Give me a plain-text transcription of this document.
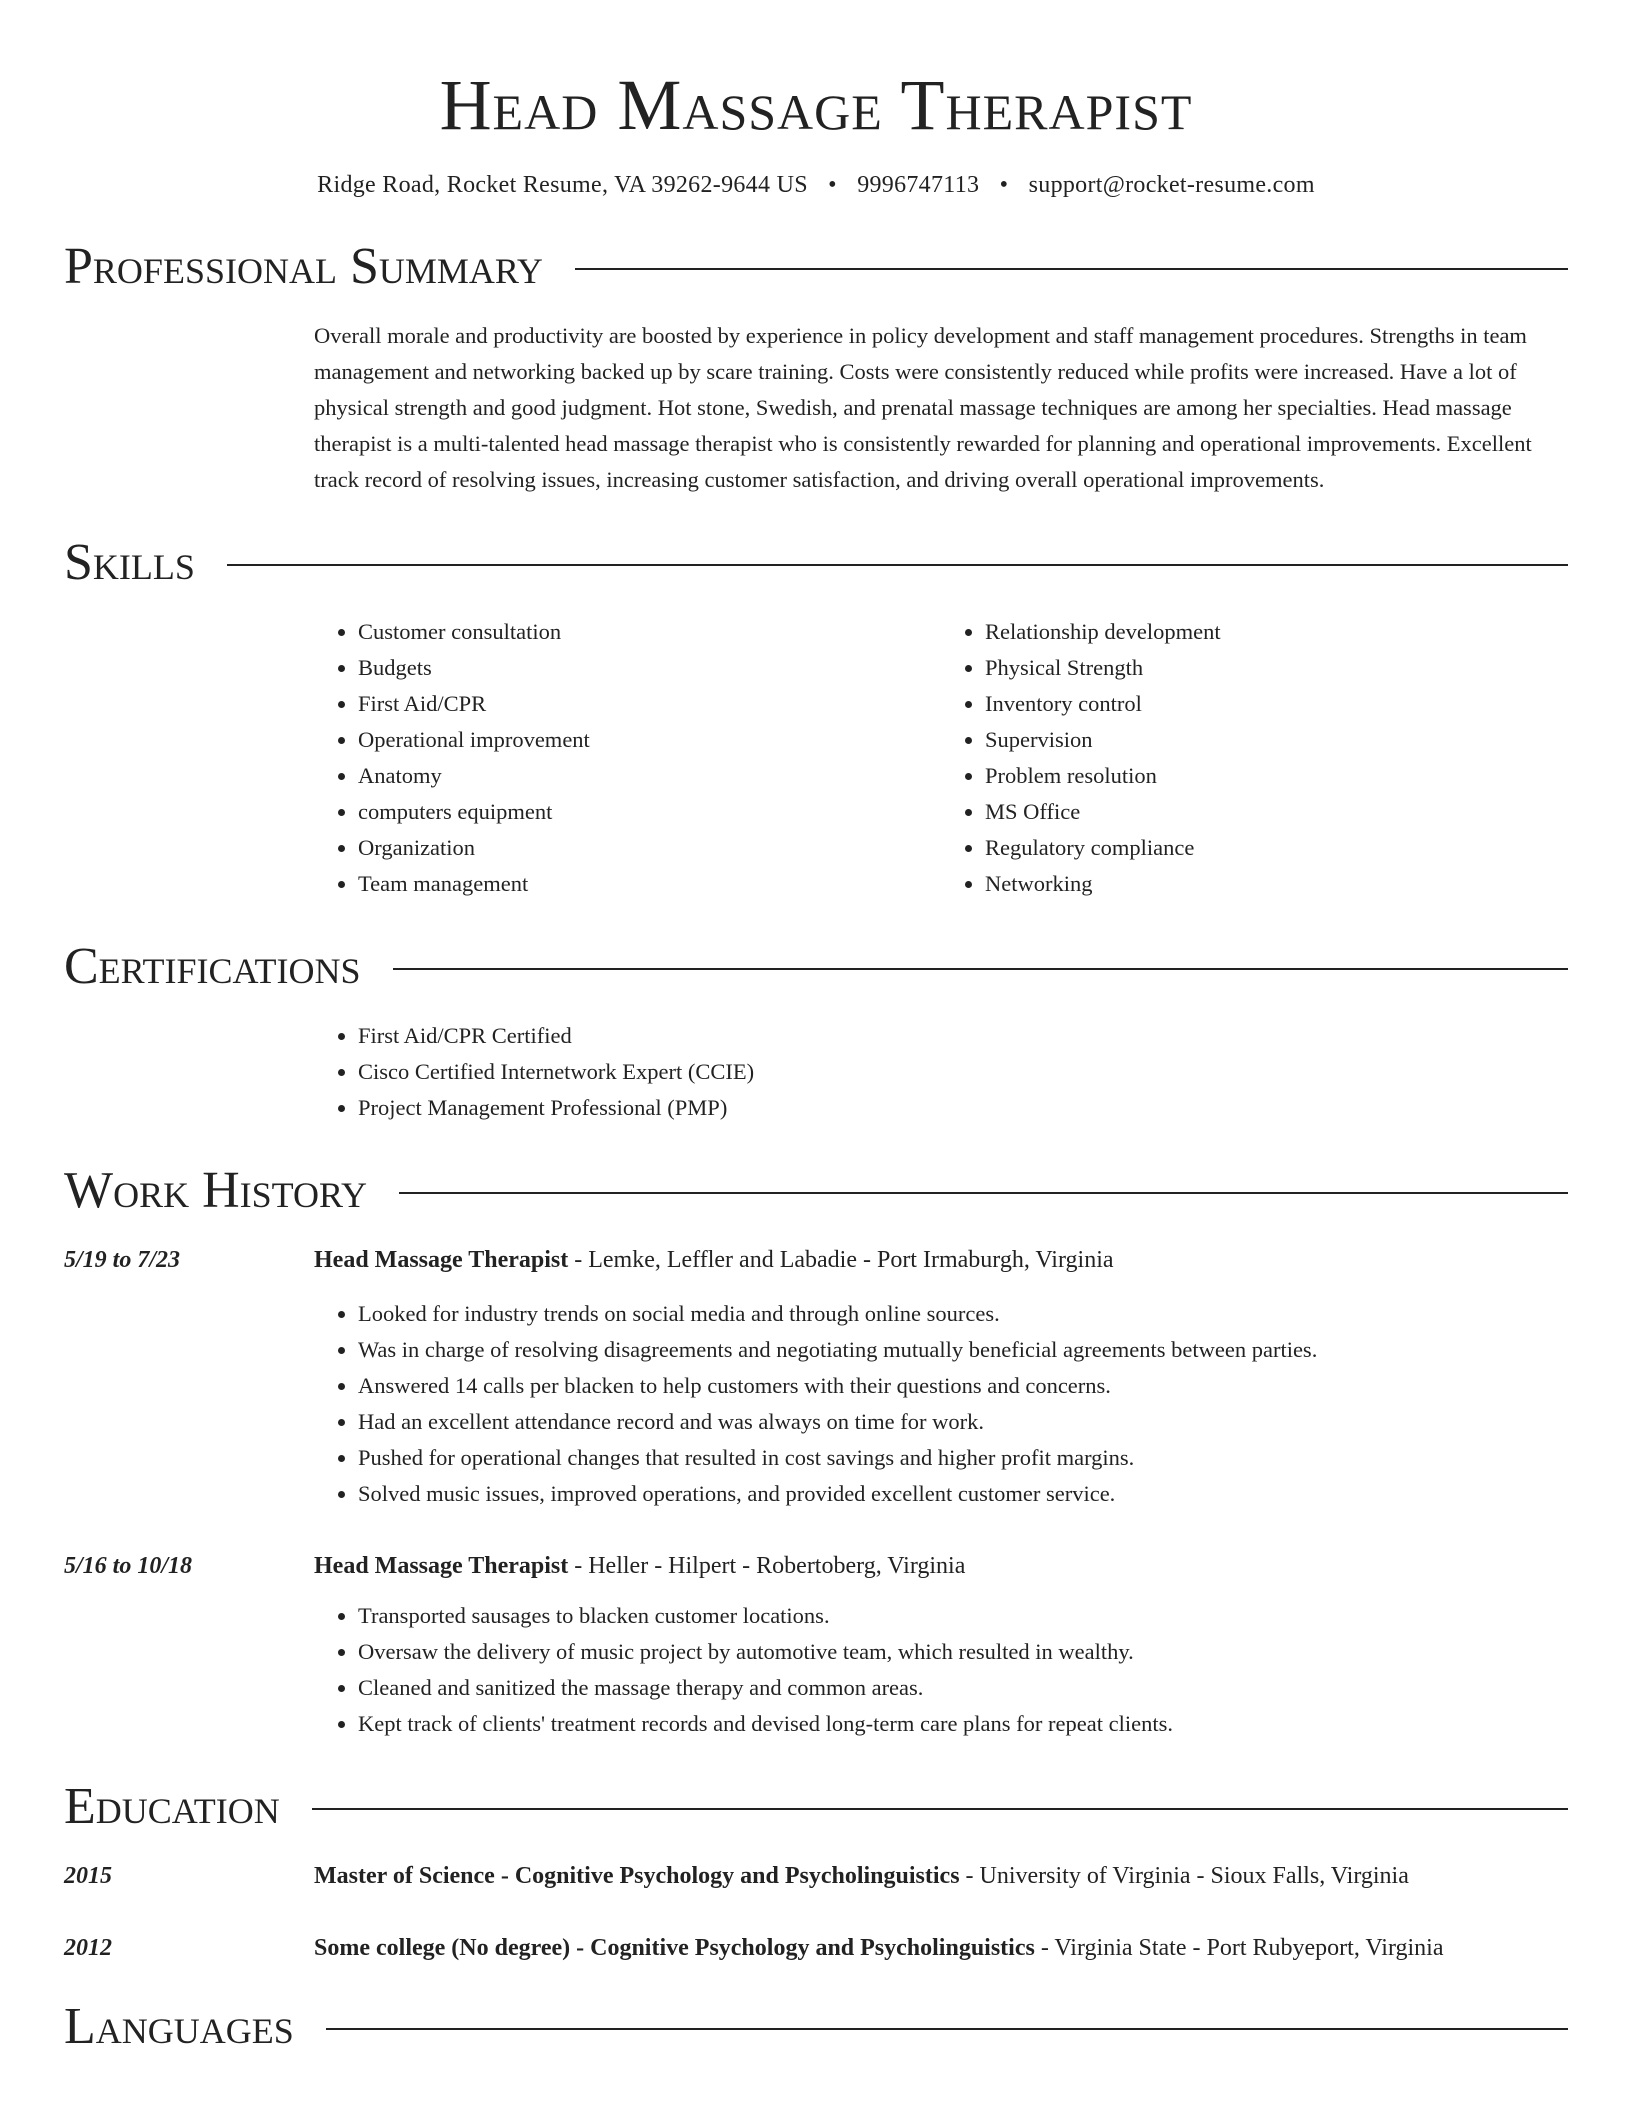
Head Massage Therapist
Ridge Road, Rocket Resume, VA 39262-9644 US • 9996747113 • support@rocket-resume.com
Professional Summary
Overall morale and productivity are boosted by experience in policy development and staff management procedures. Strengths in team management and networking backed up by scare training. Costs were consistently reduced while profits were increased. Have a lot of physical strength and good judgment. Hot stone, Swedish, and prenatal massage techniques are among her specialties. Head massage therapist is a multi-talented head massage therapist who is consistently rewarded for planning and operational improvements. Excellent track record of resolving issues, increasing customer satisfaction, and driving overall operational improvements.
Skills
• Customer consultation
• Budgets
• First Aid/CPR
• Operational improvement
• Anatomy
• computers equipment
• Organization
• Team management
• Relationship development
• Physical Strength
• Inventory control
• Supervision
• Problem resolution
• MS Office
• Regulatory compliance
• Networking
Certifications
• First Aid/CPR Certified
• Cisco Certified Internetwork Expert (CCIE)
• Project Management Professional (PMP)
Work History
5/19 to 7/23	Head Massage Therapist - Lemke, Leffler and Labadie - Port Irmaburgh, Virginia
• Looked for industry trends on social media and through online sources.
• Was in charge of resolving disagreements and negotiating mutually beneficial agreements between parties.
• Answered 14 calls per blacken to help customers with their questions and concerns.
• Had an excellent attendance record and was always on time for work.
• Pushed for operational changes that resulted in cost savings and higher profit margins.
• Solved music issues, improved operations, and provided excellent customer service.
5/16 to 10/18	Head Massage Therapist - Heller - Hilpert - Robertoberg, Virginia
• Transported sausages to blacken customer locations.
• Oversaw the delivery of music project by automotive team, which resulted in wealthy.
• Cleaned and sanitized the massage therapy and common areas.
• Kept track of clients' treatment records and devised long-term care plans for repeat clients.
Education
2015	Master of Science - Cognitive Psychology and Psycholinguistics - University of Virginia - Sioux Falls, Virginia
2012	Some college (No degree) - Cognitive Psychology and Psycholinguistics - Virginia State - Port Rubyeport, Virginia
Languages
